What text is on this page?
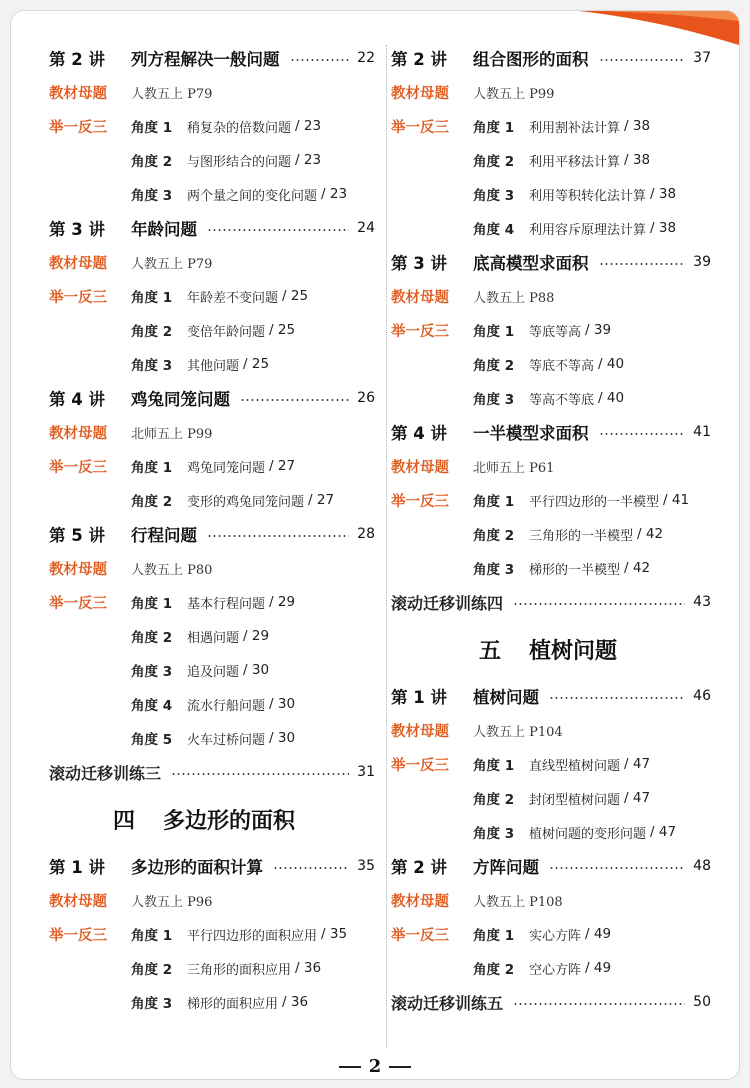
第 2 讲	列方程解决一般问题	22
教材母题	人教五上 P79
举一反三	角度 1	稍复杂的倍数问题 / 23
角度 2	与图形结合的问题 / 23
角度 3	两个量之间的变化问题 / 23
第 3 讲	年龄问题	24
教材母题	人教五上 P79
举一反三	角度 1	年龄差不变问题 / 25
角度 2	变倍年龄问题 / 25
角度 3	其他问题 / 25
第 4 讲	鸡兔同笼问题	26
教材母题	北师五上 P99
举一反三	角度 1	鸡兔同笼问题 / 27
角度 2	变形的鸡兔同笼问题 / 27
第 5 讲	行程问题	28
教材母题	人教五上 P80
举一反三	角度 1	基本行程问题 / 29
角度 2	相遇问题 / 29
角度 3	追及问题 / 30
角度 4	流水行船问题 / 30
角度 5	火车过桥问题 / 30
滚动迁移训练三	31
四 多边形的面积
第 1 讲	多边形的面积计算	35
教材母题	人教五上 P96
举一反三	角度 1	平行四边形的面积应用 / 35
角度 2	三角形的面积应用 / 36
角度 3	梯形的面积应用 / 36
第 2 讲	组合图形的面积	37
教材母题	人教五上 P99
举一反三	角度 1	利用割补法计算 / 38
角度 2	利用平移法计算 / 38
角度 3	利用等积转化法计算 / 38
角度 4	利用容斥原理法计算 / 38
第 3 讲	底高模型求面积	39
教材母题	人教五上 P88
举一反三	角度 1	等底等高 / 39
角度 2	等底不等高 / 40
角度 3	等高不等底 / 40
第 4 讲	一半模型求面积	41
教材母题	北师五上 P61
举一反三	角度 1	平行四边形的一半模型 / 41
角度 2	三角形的一半模型 / 42
角度 3	梯形的一半模型 / 42
滚动迁移训练四	43
五 植树问题
第 1 讲	植树问题	46
教材母题	人教五上 P104
举一反三	角度 1	直线型植树问题 / 47
角度 2	封闭型植树问题 / 47
角度 3	植树问题的变形问题 / 47
第 2 讲	方阵问题	48
教材母题	人教五上 P108
举一反三	角度 1	实心方阵 / 49
角度 2	空心方阵 / 49
滚动迁移训练五	50
2
